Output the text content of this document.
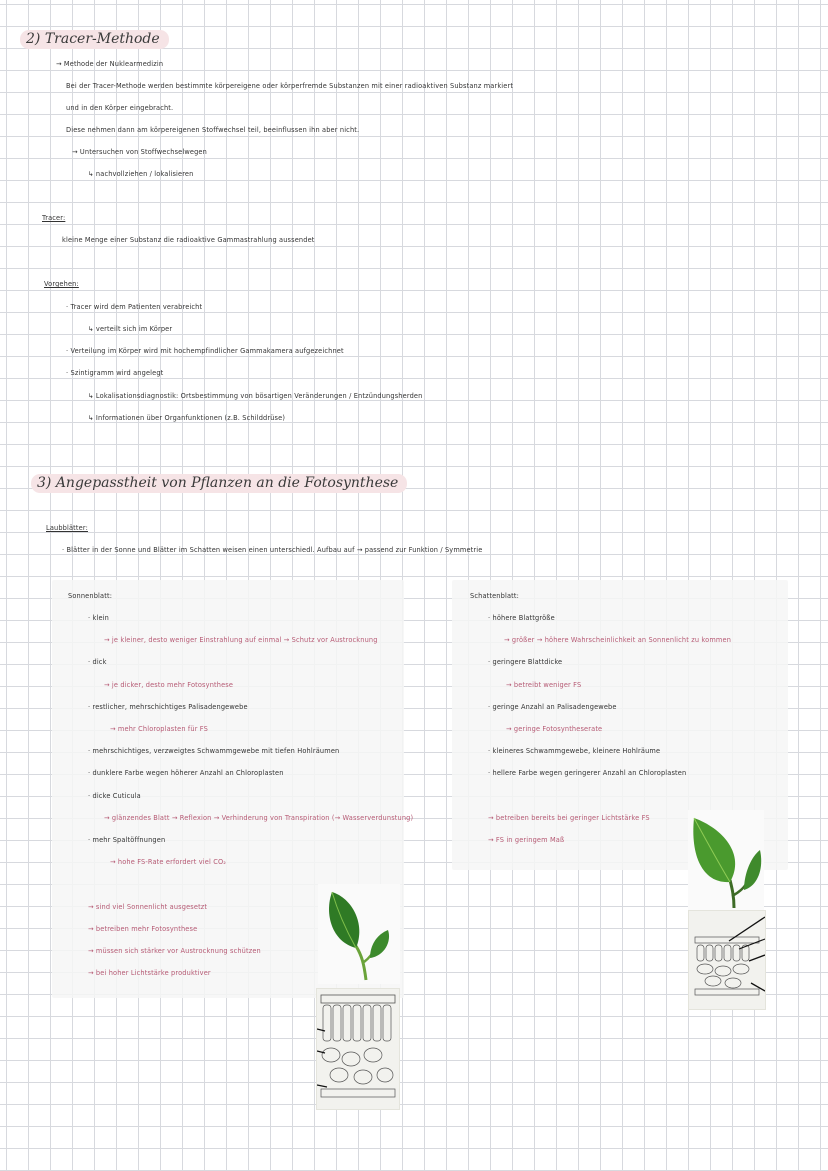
2) Tracer-Methode
→ Methode der Nuklearmedizin
Bei der Tracer-Methode werden bestimmte körpereigene oder körperfremde Substanzen mit einer radioaktiven Substanz markiert
und in den Körper eingebracht.
Diese nehmen dann am körpereigenen Stoffwechsel teil, beeinflussen ihn aber nicht.
→ Untersuchen von Stoffwechselwegen
↳ nachvollziehen / lokalisieren
Tracer:
kleine Menge einer Substanz die radioaktive Gammastrahlung aussendet
Vorgehen:
· Tracer wird dem Patienten verabreicht
↳ verteilt sich im Körper
· Verteilung im Körper wird mit hochempfindlicher Gammakamera aufgezeichnet
· Szintigramm wird angelegt
↳ Lokalisationsdiagnostik: Ortsbestimmung von bösartigen Veränderungen / Entzündungsherden
↳ Informationen über Organfunktionen (z.B. Schilddrüse)
3) Angepasstheit von Pflanzen an die Fotosynthese
Laubblätter:
· Blätter in der Sonne und Blätter im Schatten weisen einen unterschiedl. Aufbau auf → passend zur Funktion / Symmetrie
Sonnenblatt:
· klein
→ je kleiner, desto weniger Einstrahlung auf einmal → Schutz vor Austrocknung
· dick
→ je dicker, desto mehr Fotosynthese
· restlicher, mehrschichtiges Palisadengewebe
→ mehr Chloroplasten für FS
· mehrschichtiges, verzweigtes Schwammgewebe mit tiefen Hohlräumen
· dunklere Farbe wegen höherer Anzahl an Chloroplasten
· dicke Cuticula
→ glänzendes Blatt → Reflexion → Verhinderung von Transpiration (→ Wasserverdunstung)
· mehr Spaltöffnungen
→ hohe FS-Rate erfordert viel CO₂
→ sind viel Sonnenlicht ausgesetzt
→ betreiben mehr Fotosynthese
→ müssen sich stärker vor Austrocknung schützen
→ bei hoher Lichtstärke produktiver
Schattenblatt:
· höhere Blattgröße
→ größer → höhere Wahrscheinlichkeit an Sonnenlicht zu kommen
· geringere Blattdicke
→ betreibt weniger FS
· geringe Anzahl an Palisadengewebe
→ geringe Fotosyntheserate
· kleineres Schwammgewebe, kleinere Hohlräume
· hellere Farbe wegen geringerer Anzahl an Chloroplasten
→ betreiben bereits bei geringer Lichtstärke FS
→ FS in geringem Maß
